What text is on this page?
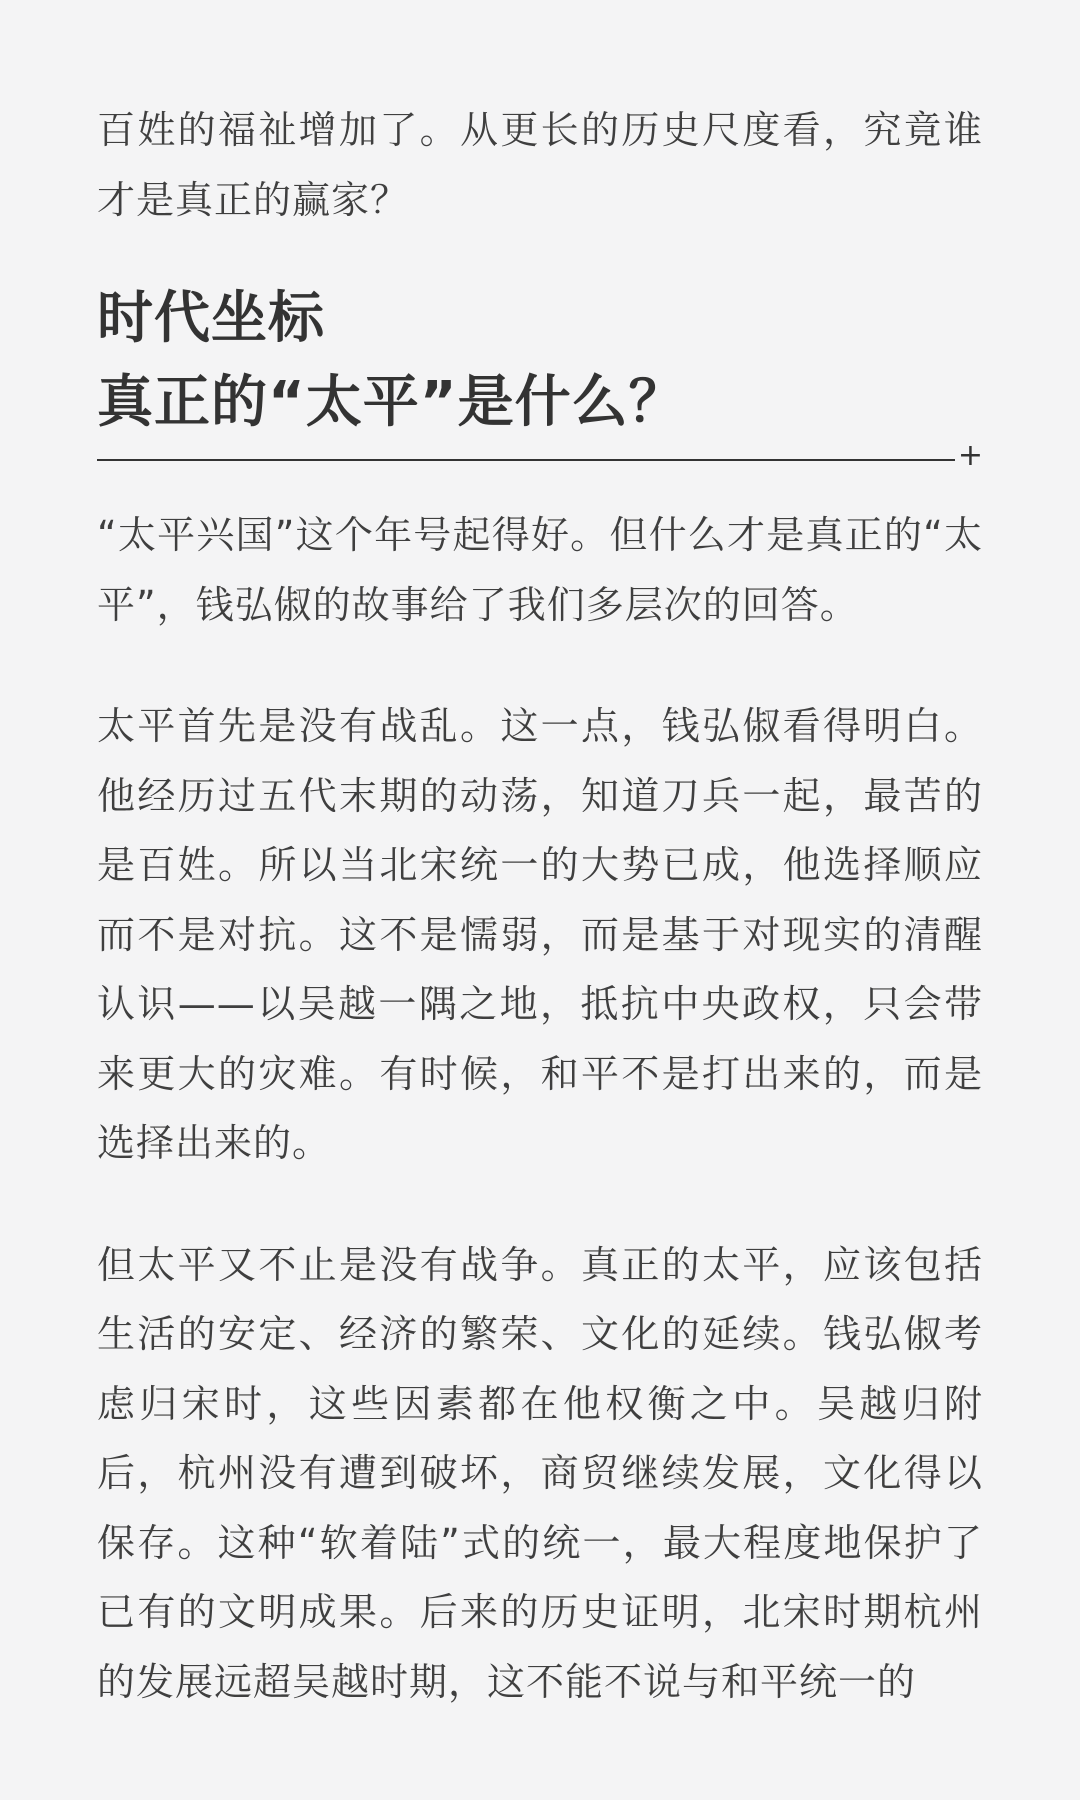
百姓的福祉增加了。从更长的历史尺度看，究竟谁才是真正的赢家？

时代坐标
真正的“太平”是什么？
+

“太平兴国”这个年号起得好。但什么才是真正的“太平”，钱弘俶的故事给了我们多层次的回答。

太平首先是没有战乱。这一点，钱弘俶看得明白。他经历过五代末期的动荡，知道刀兵一起，最苦的是百姓。所以当北宋统一的大势已成，他选择顺应而不是对抗。这不是懦弱，而是基于对现实的清醒认识——以吴越一隅之地，抵抗中央政权，只会带来更大的灾难。有时候，和平不是打出来的，而是选择出来的。

但太平又不止是没有战争。真正的太平，应该包括生活的安定、经济的繁荣、文化的延续。钱弘俶考虑归宋时，这些因素都在他权衡之中。吴越归附后，杭州没有遭到破坏，商贸继续发展，文化得以保存。这种“软着陆”式的统一，最大程度地保护了已有的文明成果。后来的历史证明，北宋时期杭州的发展远超吴越时期，这不能不说与和平统一的
